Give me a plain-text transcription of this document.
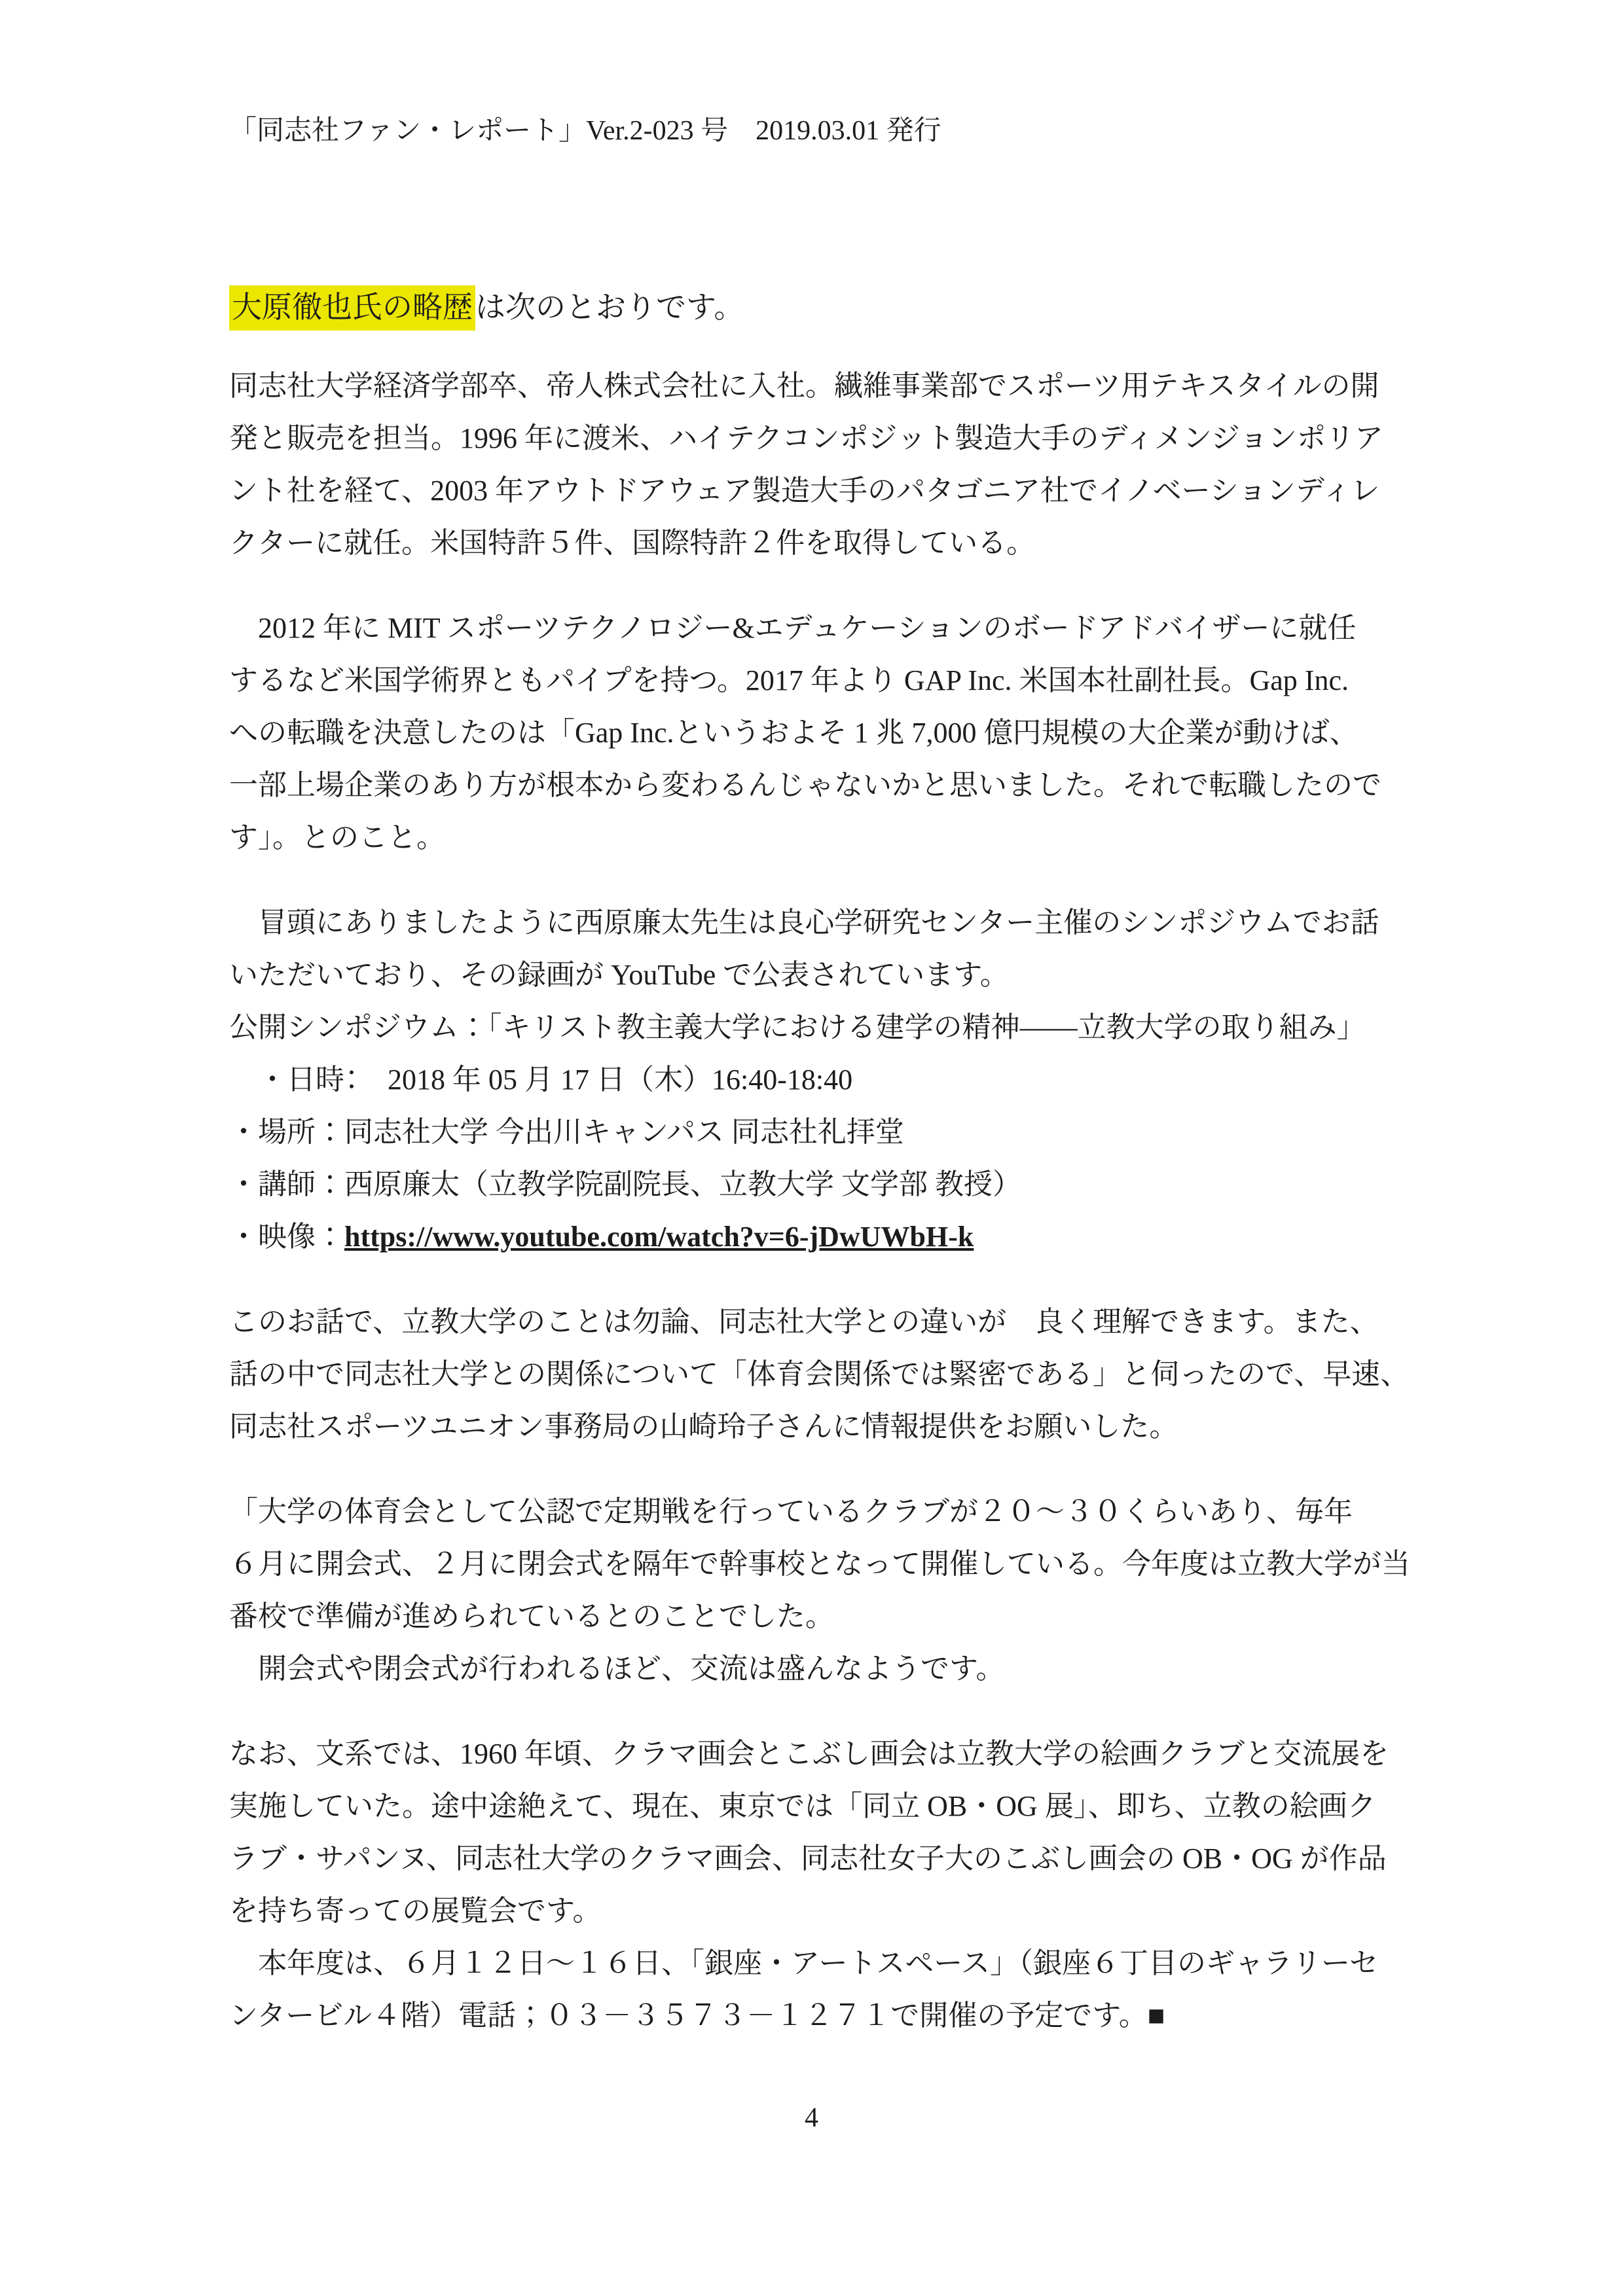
「同志社ファン・レポート」Ver.2-023 号　2019.03.01 発行
大原徹也氏の略歴は次のとおりです。
同志社大学経済学部卒、帝人株式会社に入社。繊維事業部でスポーツ用テキスタイルの開
発と販売を担当。1996 年に渡米、ハイテクコンポジット製造大手のディメンジョンポリア
ント社を経て、2003 年アウトドアウェア製造大手のパタゴニア社でイノベーションディレ
クターに就任。米国特許５件、国際特許２件を取得している。
　2012 年に MIT スポーツテクノロジー&エデュケーションのボードアドバイザーに就任
するなど米国学術界ともパイプを持つ。2017 年より GAP Inc. 米国本社副社長。Gap Inc.
への転職を決意したのは「Gap Inc.というおよそ 1 兆 7,000 億円規模の大企業が動けば、
一部上場企業のあり方が根本から変わるんじゃないかと思いました。それで転職したので
す」。とのこと。
　冒頭にありましたように西原廉太先生は良心学研究センター主催のシンポジウムでお話
いただいており、その録画が YouTube で公表されています。
公開シンポジウム：「キリスト教主義大学における建学の精神――立教大学の取り組み」
　・日時：　2018 年 05 月 17 日（木）16:40-18:40
・場所：同志社大学 今出川キャンパス 同志社礼拝堂
・講師：西原廉太（立教学院副院長、立教大学 文学部 教授）
・映像：https://www.youtube.com/watch?v=6-jDwUWbH-k
このお話で、立教大学のことは勿論、同志社大学との違いが　良く理解できます。また、
話の中で同志社大学との関係について「体育会関係では緊密である」と伺ったので、早速、
同志社スポーツユニオン事務局の山崎玲子さんに情報提供をお願いした。
「大学の体育会として公認で定期戦を行っているクラブが２０～３０くらいあり、毎年
６月に開会式、２月に閉会式を隔年で幹事校となって開催している。今年度は立教大学が当
番校で準備が進められているとのことでした。
　開会式や閉会式が行われるほど、交流は盛んなようです。
なお、文系では、1960 年頃、クラマ画会とこぶし画会は立教大学の絵画クラブと交流展を
実施していた。途中途絶えて、現在、東京では「同立 OB・OG 展」、即ち、立教の絵画ク
ラブ・サパンヌ、同志社大学のクラマ画会、同志社女子大のこぶし画会の OB・OG が作品
を持ち寄っての展覧会です。
　本年度は、６月１２日～１６日、「銀座・アートスペース」（銀座６丁目のギャラリーセ
ンタービル４階）電話；０３－３５７３－１２７１で開催の予定です。■
4
